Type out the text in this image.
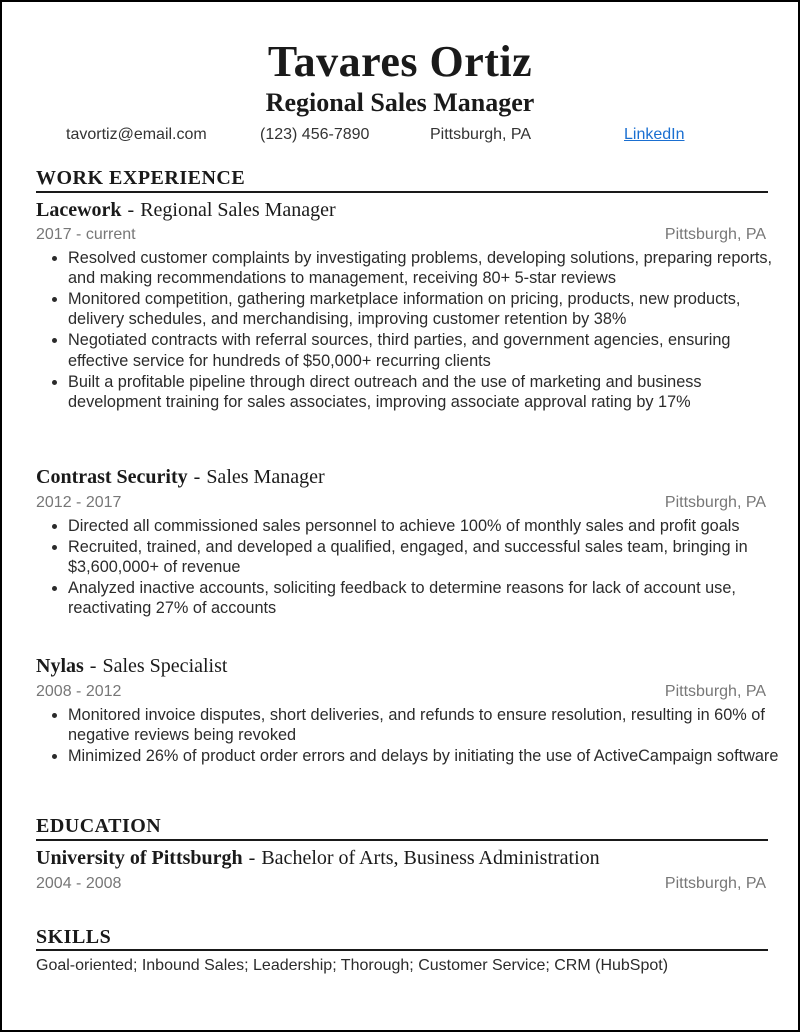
Tavares Ortiz
Regional Sales Manager
tavortiz@email.com	(123) 456-7890	Pittsburgh, PA	LinkedIn
WORK EXPERIENCE
Lacework - Regional Sales Manager
2017 - current	Pittsburgh, PA
• Resolved customer complaints by investigating problems, developing solutions, preparing reports, and making recommendations to management, receiving 80+ 5-star reviews
• Monitored competition, gathering marketplace information on pricing, products, new products, delivery schedules, and merchandising, improving customer retention by 38%
• Negotiated contracts with referral sources, third parties, and government agencies, ensuring effective service for hundreds of $50,000+ recurring clients
• Built a profitable pipeline through direct outreach and the use of marketing and business development training for sales associates, improving associate approval rating by 17%
Contrast Security - Sales Manager
2012 - 2017	Pittsburgh, PA
• Directed all commissioned sales personnel to achieve 100% of monthly sales and profit goals
• Recruited, trained, and developed a qualified, engaged, and successful sales team, bringing in $3,600,000+ of revenue
• Analyzed inactive accounts, soliciting feedback to determine reasons for lack of account use, reactivating 27% of accounts
Nylas - Sales Specialist
2008 - 2012	Pittsburgh, PA
• Monitored invoice disputes, short deliveries, and refunds to ensure resolution, resulting in 60% of negative reviews being revoked
• Minimized 26% of product order errors and delays by initiating the use of ActiveCampaign software
EDUCATION
University of Pittsburgh - Bachelor of Arts, Business Administration
2004 - 2008	Pittsburgh, PA
SKILLS
Goal-oriented; Inbound Sales; Leadership; Thorough; Customer Service; CRM (HubSpot)
